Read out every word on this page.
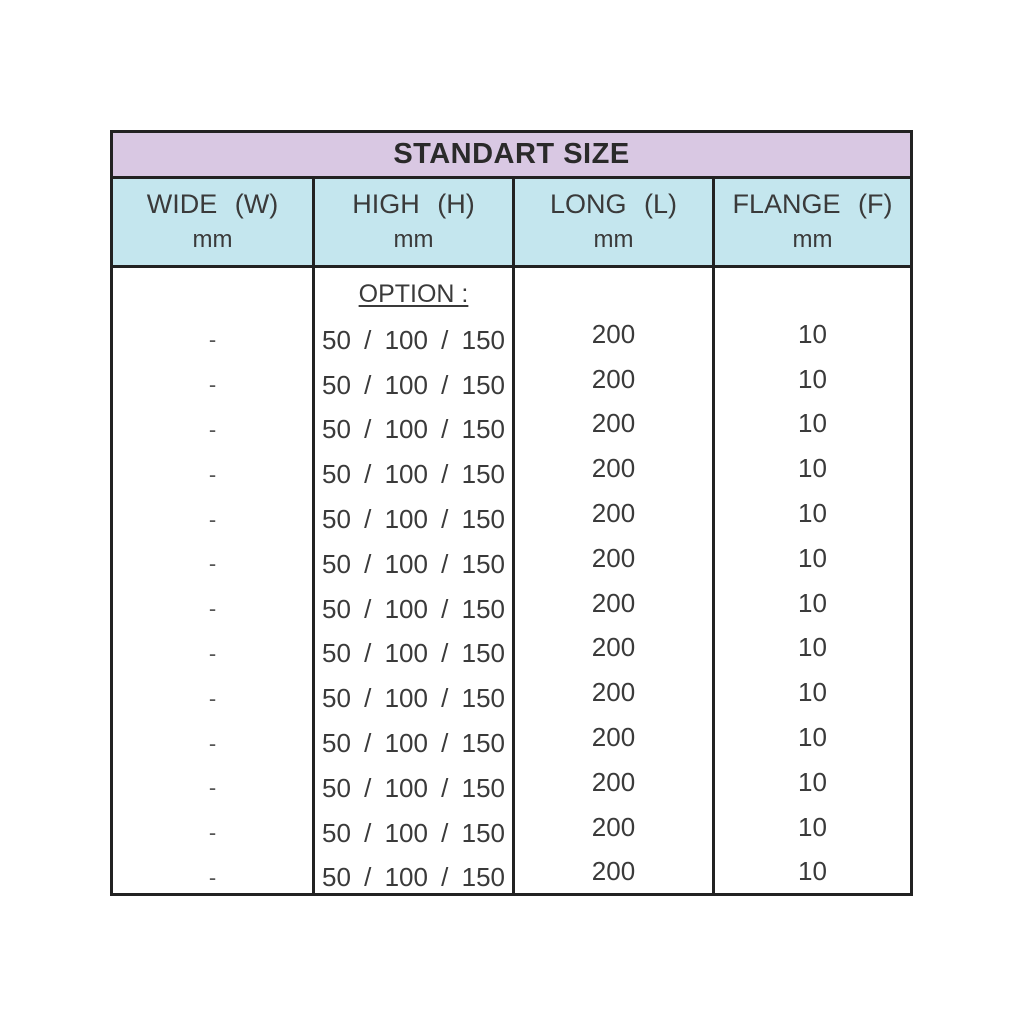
STANDART SIZE
WIDE (W)
mm
HIGH (H)
mm
LONG (L)
mm
FLANGE (F)
mm
-
-
-
-
-
-
-
-
-
-
-
-
-
OPTION :
50 / 100 / 150
50 / 100 / 150
50 / 100 / 150
50 / 100 / 150
50 / 100 / 150
50 / 100 / 150
50 / 100 / 150
50 / 100 / 150
50 / 100 / 150
50 / 100 / 150
50 / 100 / 150
50 / 100 / 150
50 / 100 / 150
200
200
200
200
200
200
200
200
200
200
200
200
200
10
10
10
10
10
10
10
10
10
10
10
10
10
